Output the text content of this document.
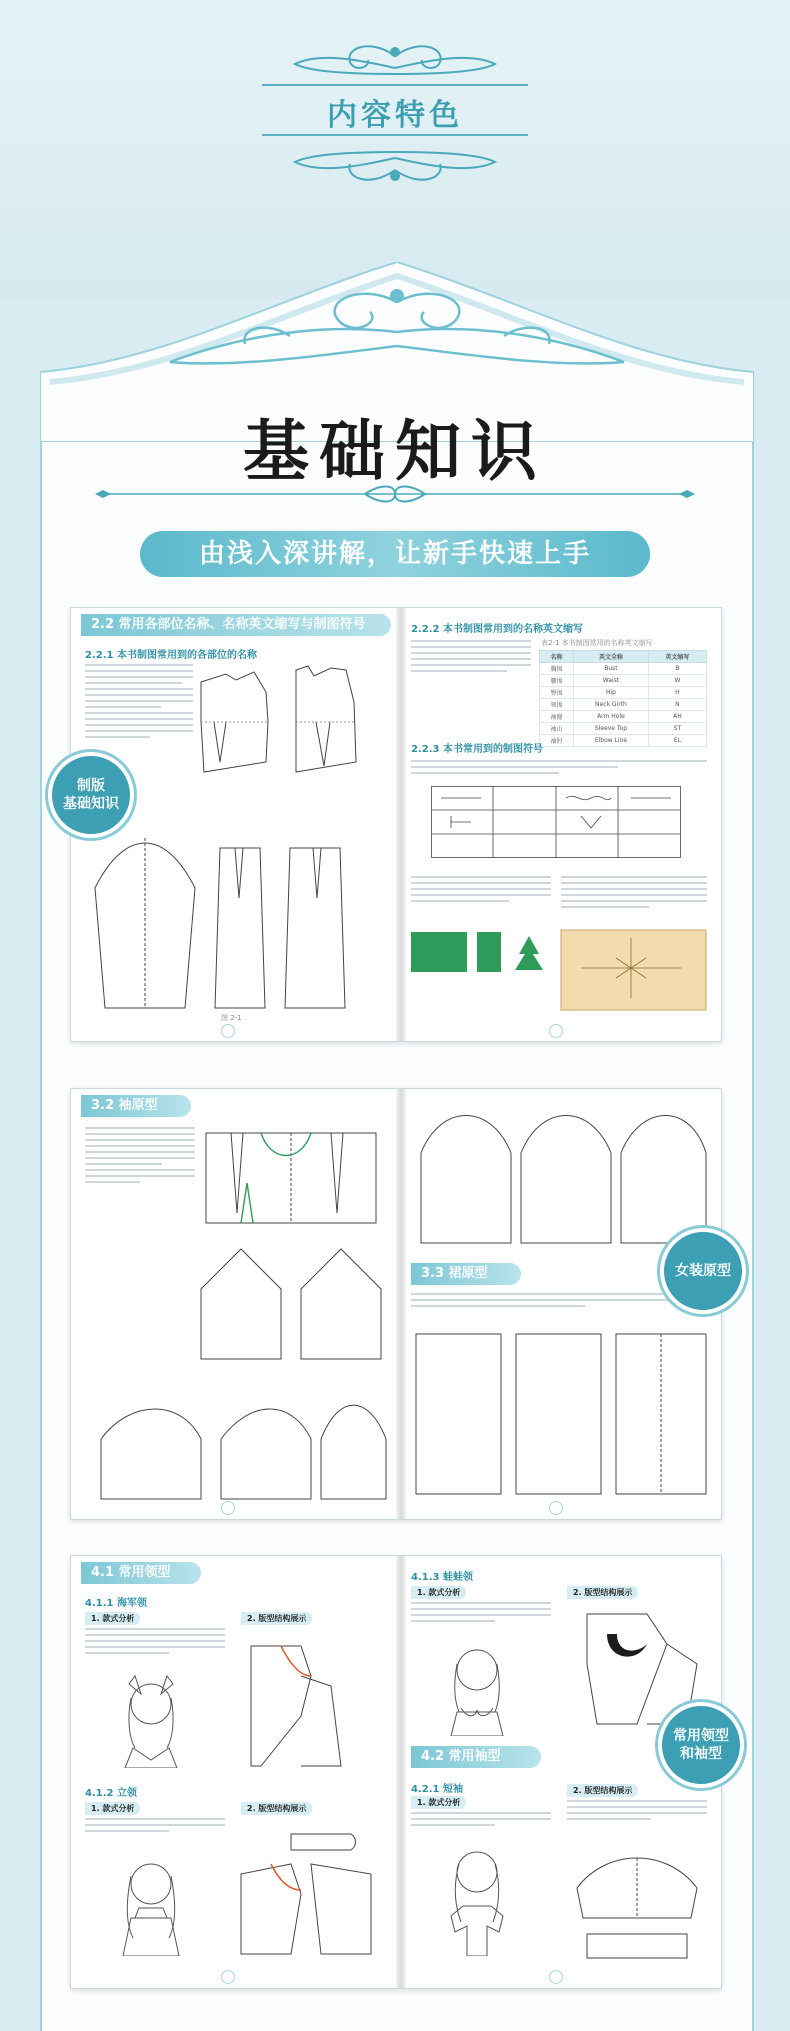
内容特色
基础知识
由浅入深讲解，让新手快速上手
2.2 常用各部位名称、名称英文缩写与制图符号
2.2.1 本书制图常用到的各部位的名称
图 2-1
2.2.2 本书制图常用到的名称英文缩写
表2-1 本书制图常用的名称英文缩写
名称	英文全称	英文缩写
胸围	Bust	B
腰围	Waist	W
臀围	Hip	H
领围	Neck Girth	N
袖窿	Arm Hole	AH
袖山	Sleeve Top	ST
袖肘	Elbow Line	EL
2.2.3 本书常用到的制图符号
3.2 袖原型
3.3 裙原型
4.1 常用领型
4.1.1 海军领
1. 款式分析	2. 版型结构展示
4.1.2 立领
1. 款式分析	2. 版型结构展示
4.1.3 蛙蛙领
1. 款式分析	2. 版型结构展示
4.2 常用袖型
4.2.1 短袖
1. 款式分析
2. 版型结构展示
制版
基础知识
女装原型
常用领型
和袖型
